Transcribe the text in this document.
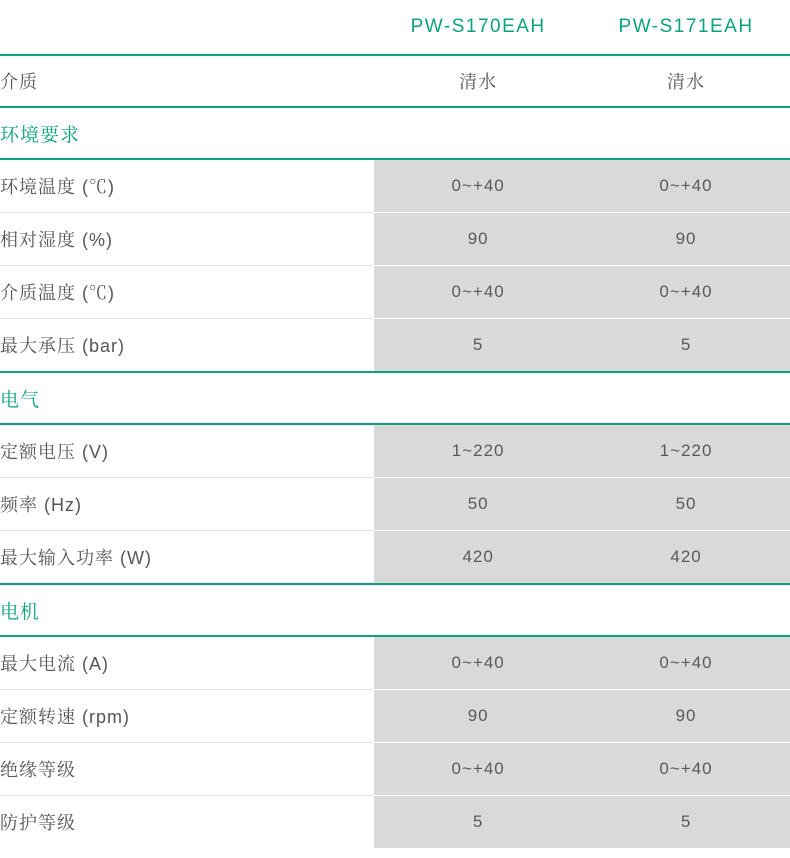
	PW-S170EAH	PW-S171EAH
介质	清水	清水
环境要求		
环境温度 (℃)	0~+40	0~+40
相对湿度 (%)	90	90
介质温度 (℃)	0~+40	0~+40
最大承压 (bar)	5	5
电气		
定额电压 (V)	1~220	1~220
频率 (Hz)	50	50
最大输入功率 (W)	420	420
电机		
最大电流 (A)	0~+40	0~+40
定额转速 (rpm)	90	90
绝缘等级	0~+40	0~+40
防护等级	5	5
